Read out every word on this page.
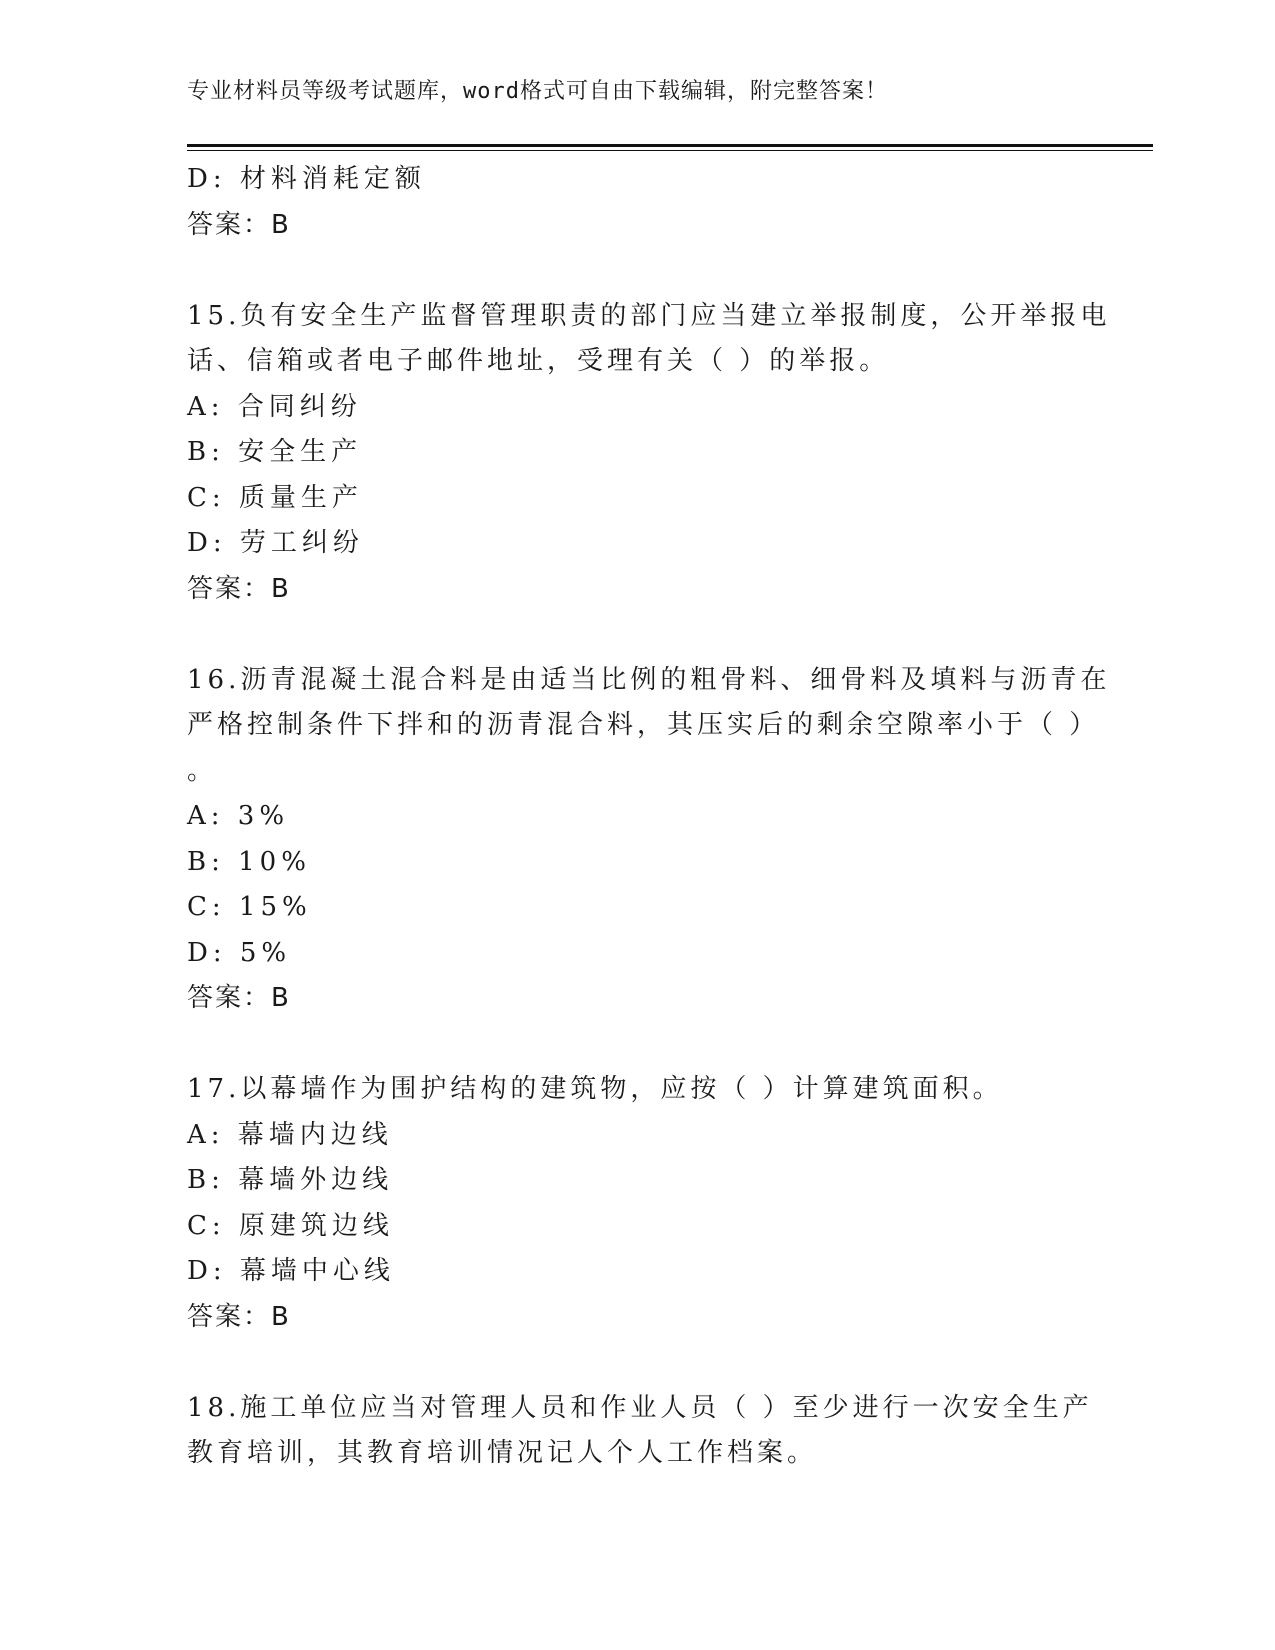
专业材料员等级考试题库，word格式可自由下载编辑，附完整答案！
D: 材料消耗定额
答案：B
15.负有安全生产监督管理职责的部门应当建立举报制度，公开举报电
话、信箱或者电子邮件地址，受理有关（ ）的举报。
A: 合同纠纷
B: 安全生产
C: 质量生产
D: 劳工纠纷
答案：B
16.沥青混凝土混合料是由适当比例的粗骨料、细骨料及填料与沥青在
严格控制条件下拌和的沥青混合料，其压实后的剩余空隙率小于（ ）
。
A: 3%
B: 10%
C: 15%
D: 5%
答案：B
17.以幕墙作为围护结构的建筑物，应按（ ）计算建筑面积。
A: 幕墙内边线
B: 幕墙外边线
C: 原建筑边线
D: 幕墙中心线
答案：B
18.施工单位应当对管理人员和作业人员（ ）至少进行一次安全生产
教育培训，其教育培训情况记人个人工作档案。
